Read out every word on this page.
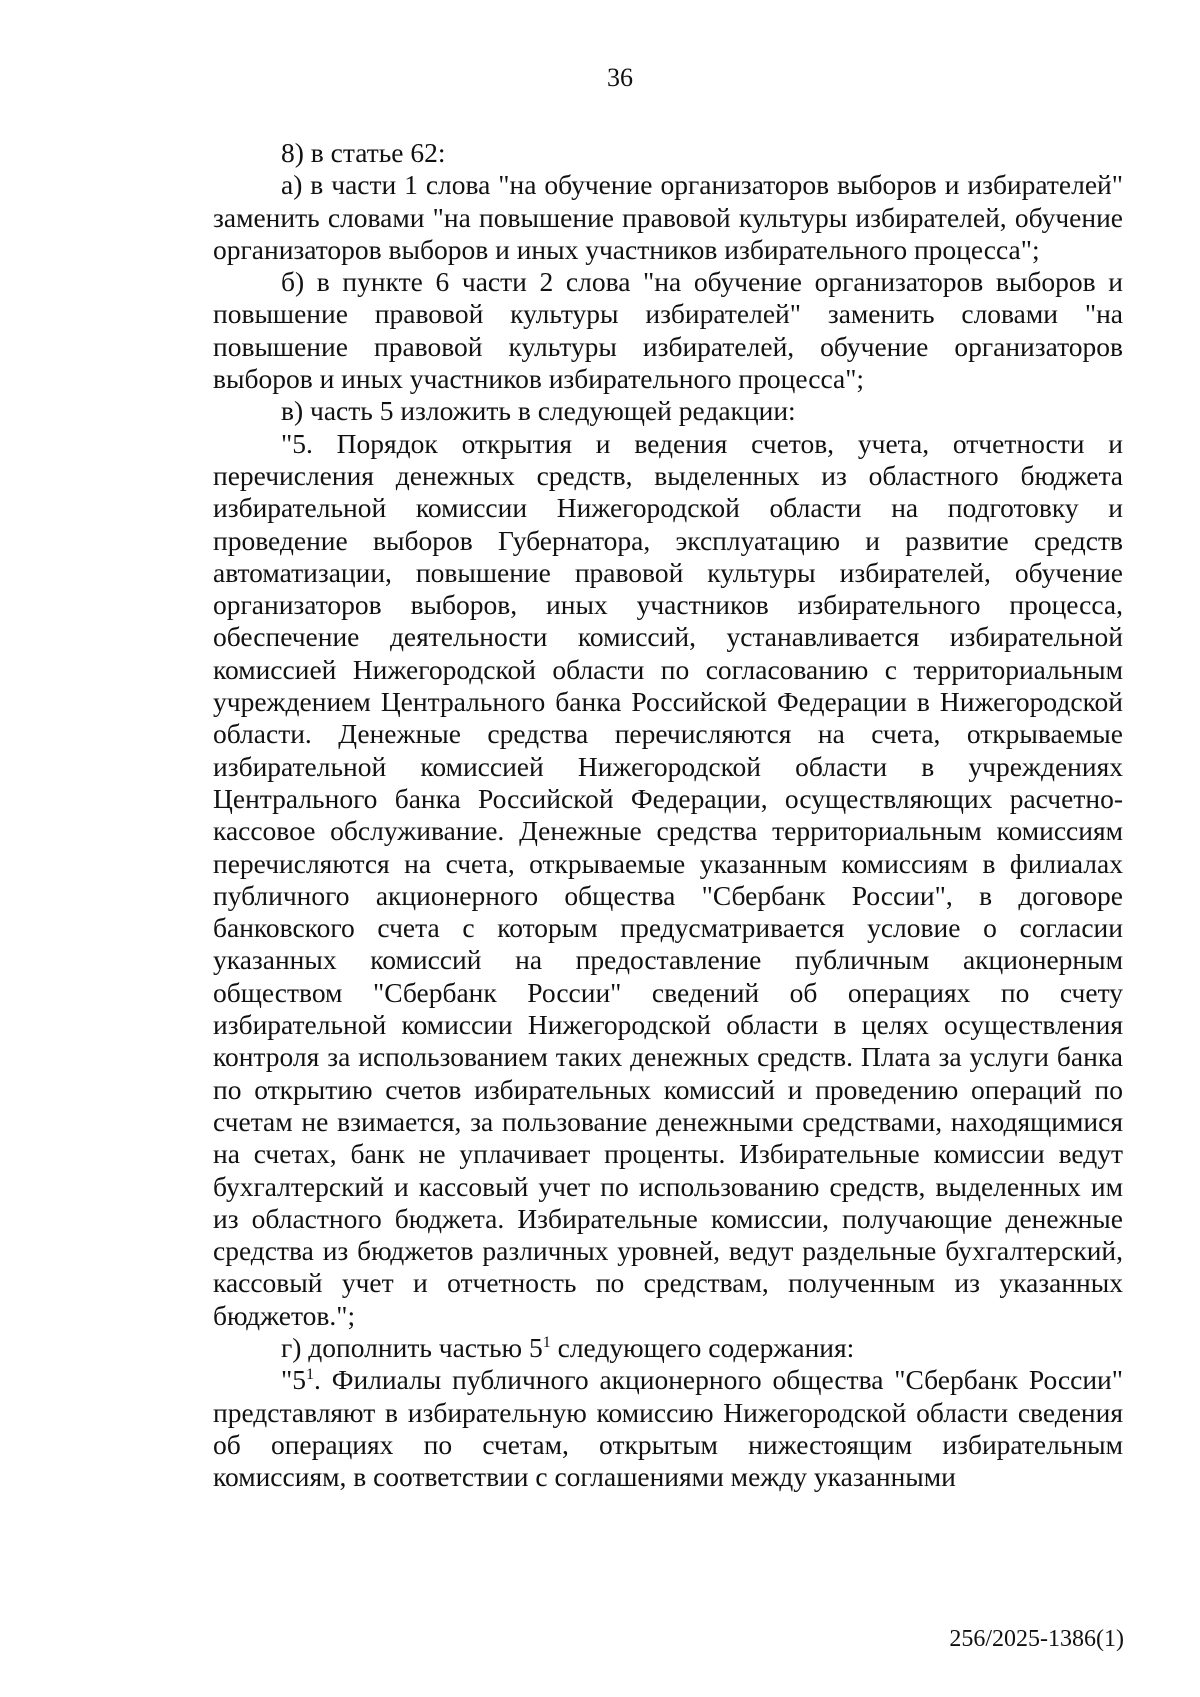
36

8) в статье 62:

а) в части 1 слова "на обучение организаторов выборов и избирателей" заменить словами "на повышение правовой культуры избирателей, обучение организаторов выборов и иных участников избирательного процесса";

б) в пункте 6 части 2 слова "на обучение организаторов выборов и повышение правовой культуры избирателей" заменить словами "на повышение правовой культуры избирателей, обучение организаторов выборов и иных участников избирательного процесса";

в) часть 5 изложить в следующей редакции:

"5. Порядок открытия и ведения счетов, учета, отчетности и перечисления денежных средств, выделенных из областного бюджета избирательной комиссии Нижегородской области на подготовку и проведение выборов Губернатора, эксплуатацию и развитие средств автоматизации, повышение правовой культуры избирателей, обучение организаторов выборов, иных участников избирательного процесса, обеспечение деятельности комиссий, устанавливается избирательной комиссией Нижегородской области по согласованию с территориальным учреждением Центрального банка Российской Федерации в Нижегородской области. Денежные средства перечисляются на счета, открываемые избирательной комиссией Нижегородской области в учреждениях Центрального банка Российской Федерации, осуществляющих расчетно-кассовое обслуживание. Денежные средства территориальным комиссиям перечисляются на счета, открываемые указанным комиссиям в филиалах публичного акционерного общества "Сбербанк России", в договоре банковского счета с которым предусматривается условие о согласии указанных комиссий на предоставление публичным акционерным обществом "Сбербанк России" сведений об операциях по счету избирательной комиссии Нижегородской области в целях осуществления контроля за использованием таких денежных средств. Плата за услуги банка по открытию счетов избирательных комиссий и проведению операций по счетам не взимается, за пользование денежными средствами, находящимися на счетах, банк не уплачивает проценты. Избирательные комиссии ведут бухгалтерский и кассовый учет по использованию средств, выделенных им из областного бюджета. Избирательные комиссии, получающие денежные средства из бюджетов различных уровней, ведут раздельные бухгалтерский, кассовый учет и отчетность по средствам, полученным из указанных бюджетов.";

г) дополнить частью $5^1$ следующего содержания:

"$5^1$. Филиалы публичного акционерного общества "Сбербанк России" представляют в избирательную комиссию Нижегородской области сведения об операциях по счетам, открытым нижестоящим избирательным комиссиям, в соответствии с соглашениями между указанными

256/2025-1386(1)
